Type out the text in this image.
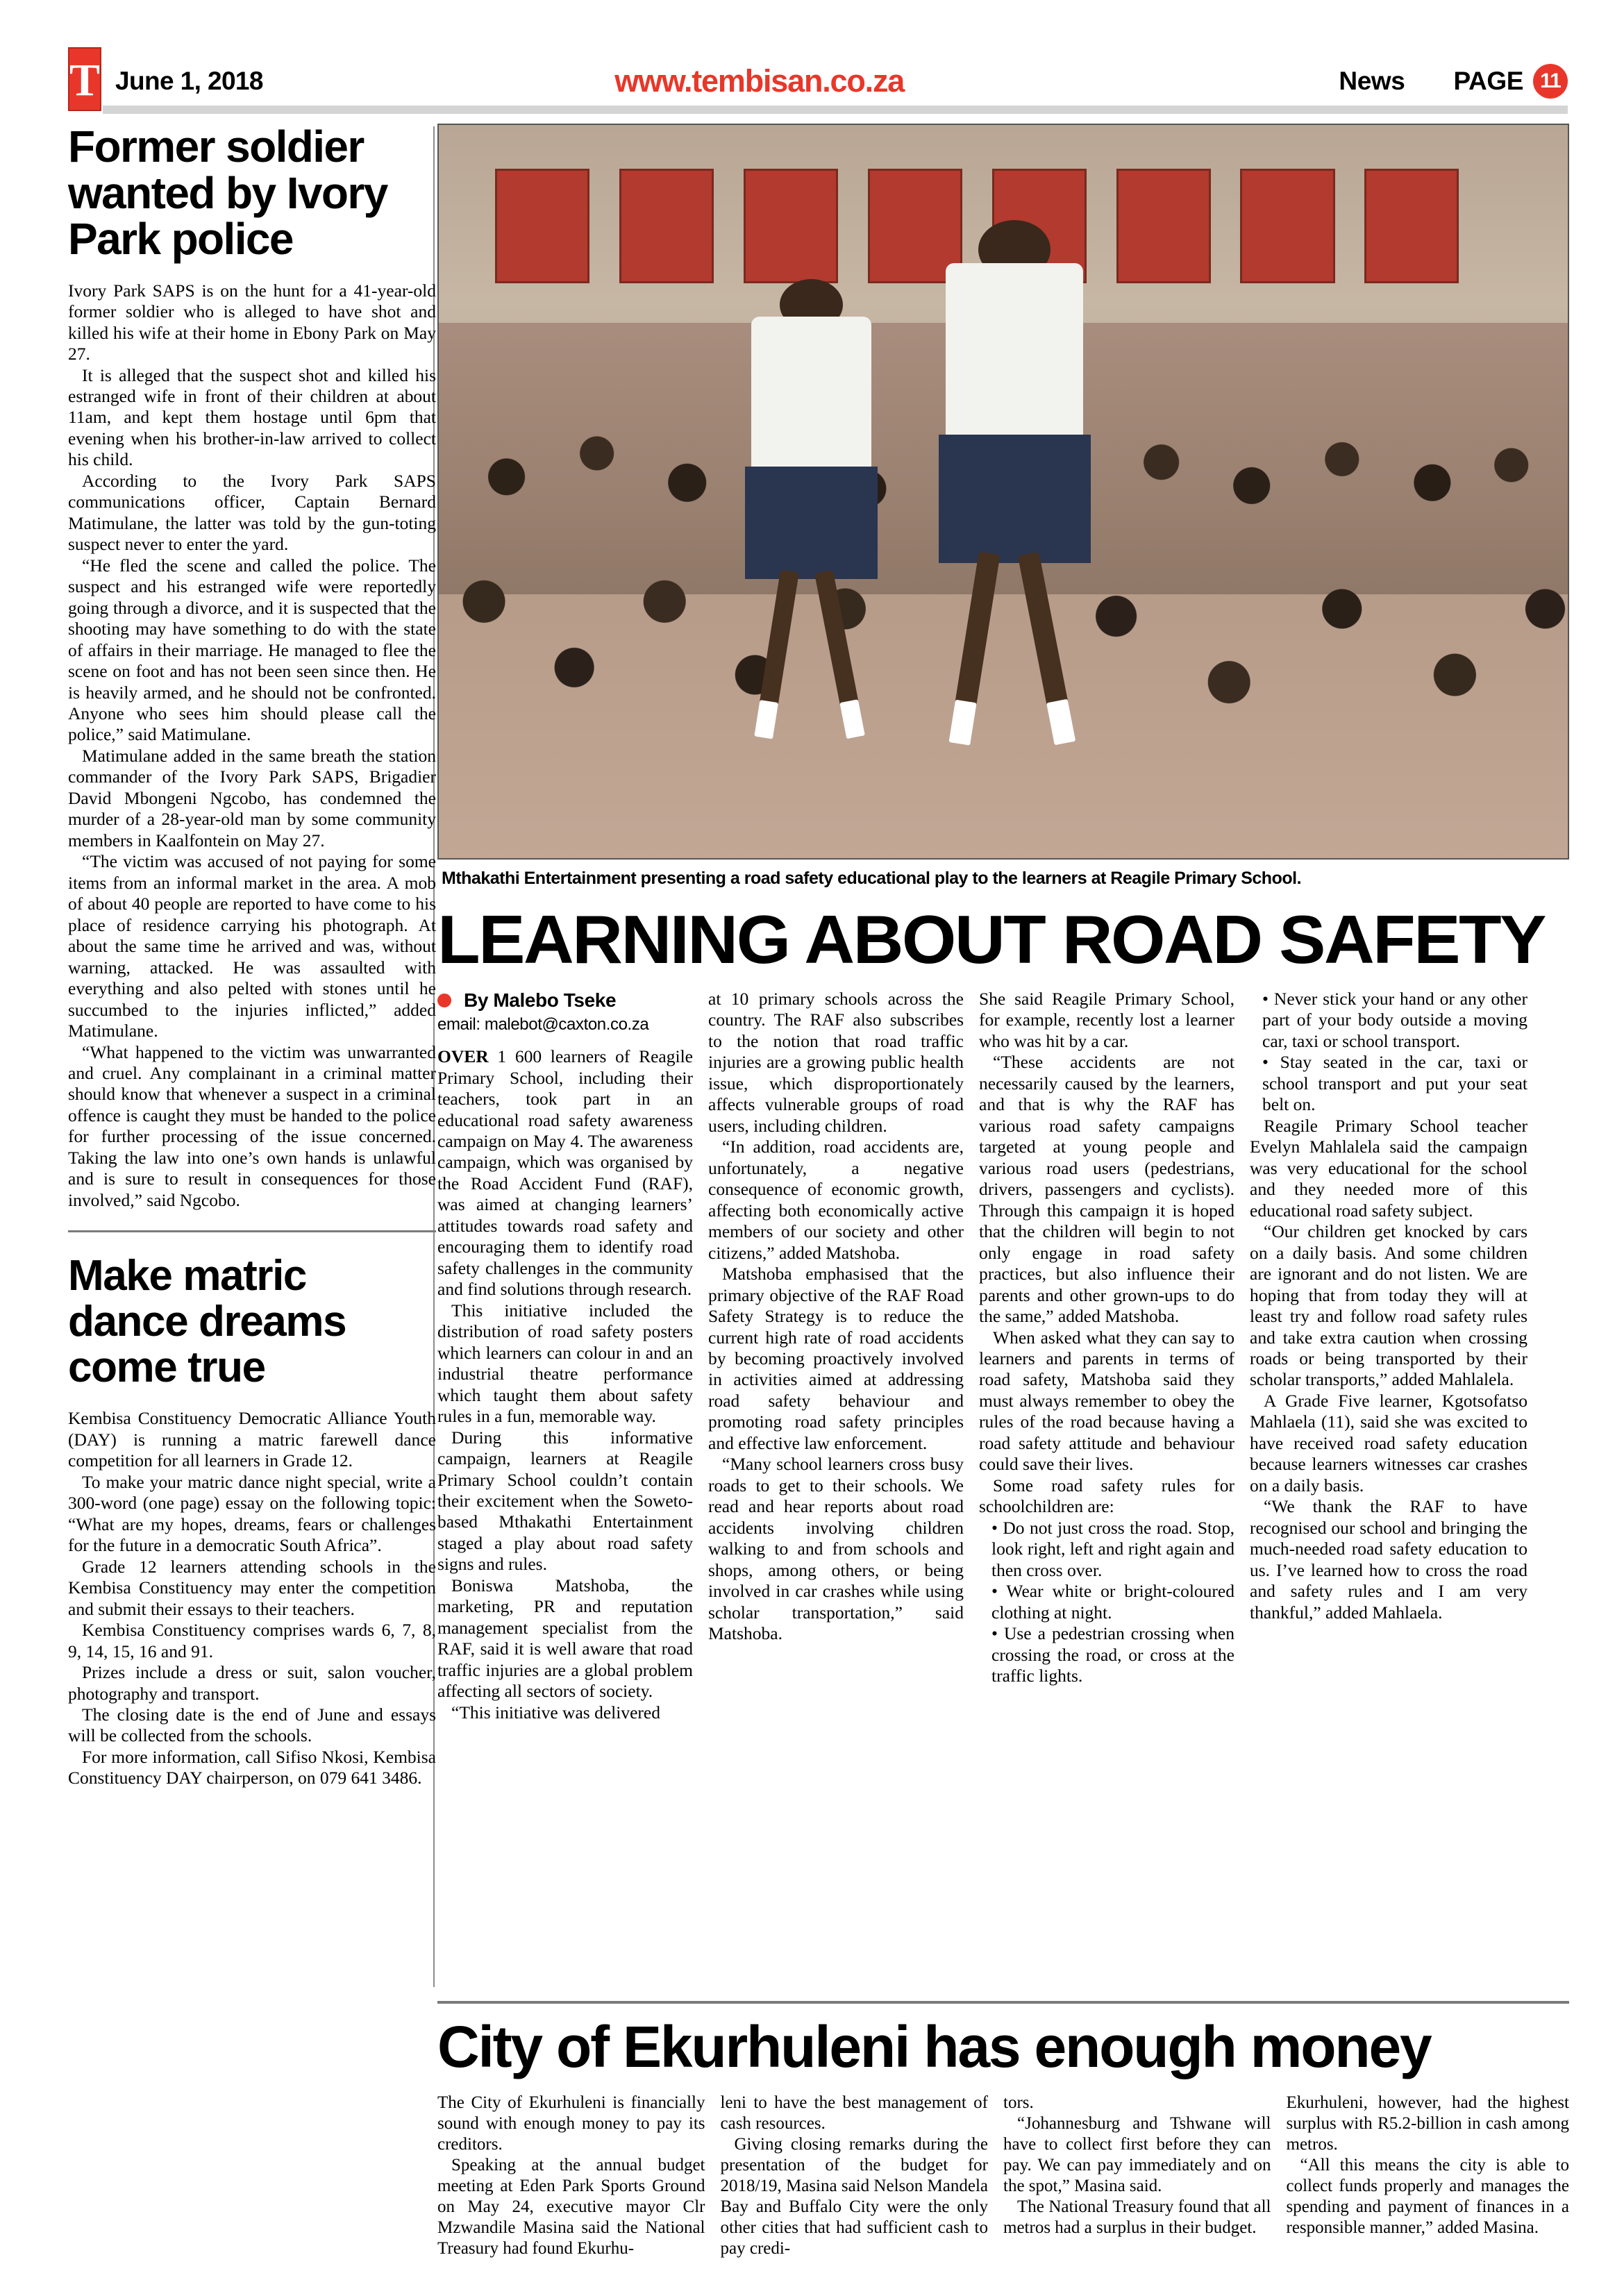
T June 1, 2018	www.tembisan.co.za	News PAGE 11
Former soldier wanted by Ivory Park police

Ivory Park SAPS is on the hunt for a 41-year-old former soldier who is alleged to have shot and killed his wife at their home in Ebony Park on May 27.

It is alleged that the suspect shot and killed his estranged wife in front of their children at about 11am, and kept them hostage until 6pm that evening when his brother-in-law arrived to collect his child.

According to the Ivory Park SAPS communications officer, Captain Bernard Matimulane, the latter was told by the gun-toting suspect never to enter the yard.

“He fled the scene and called the police. The suspect and his estranged wife were reportedly going through a divorce, and it is suspected that the shooting may have something to do with the state of affairs in their marriage. He managed to flee the scene on foot and has not been seen since then. He is heavily armed, and he should not be confronted. Anyone who sees him should please call the police,” said Matimulane.

Matimulane added in the same breath the station commander of the Ivory Park SAPS, Brigadier David Mbongeni Ngcobo, has condemned the murder of a 28-year-old man by some community members in Kaalfontein on May 27.

“The victim was accused of not paying for some items from an informal market in the area. A mob of about 40 people are reported to have come to his place of residence carrying his photograph. At about the same time he arrived and was, without warning, attacked. He was assaulted with everything and also pelted with stones until he succumbed to the injuries inflicted,” added Matimulane.

“What happened to the victim was unwarranted and cruel. Any complainant in a criminal matter should know that whenever a suspect in a criminal offence is caught they must be handed to the police for further processing of the issue concerned. Taking the law into one’s own hands is unlawful and is sure to result in consequences for those involved,” said Ngcobo.

Make matric dance dreams come true

Kembisa Constituency Democratic Alliance Youth (DAY) is running a matric farewell dance competition for all learners in Grade 12.

To make your matric dance night special, write a 300-word (one page) essay on the following topic: “What are my hopes, dreams, fears or challenges for the future in a democratic South Africa”.

Grade 12 learners attending schools in the Kembisa Constituency may enter the competition and submit their essays to their teachers.

Kembisa Constituency comprises wards 6, 7, 8, 9, 14, 15, 16 and 91.

Prizes include a dress or suit, salon voucher, photography and transport.

The closing date is the end of June and essays will be collected from the schools.

For more information, call Sifiso Nkosi, Kembisa Constituency DAY chairperson, on 079 641 3486.

Mthakathi Entertainment presenting a road safety educational play to the learners at Reagile Primary School.
LEARNING ABOUT ROAD SAFETY
By Malebo Tseke
email: malebot@caxton.co.za

OVER 1 600 learners of Reagile Primary School, including their teachers, took part in an educational road safety awareness campaign on May 4. The awareness campaign, which was organised by the Road Accident Fund (RAF), was aimed at changing learners’ attitudes towards road safety and encouraging them to identify road safety challenges in the community and find solutions through research.

This initiative included the distribution of road safety posters which learners can colour in and an industrial theatre performance which taught them about safety rules in a fun, memorable way.

During this informative campaign, learners at Reagile Primary School couldn’t contain their excitement when the Soweto-based Mthakathi Entertainment staged a play about road safety signs and rules.

Boniswa Matshoba, the marketing, PR and reputation management specialist from the RAF, said it is well aware that road traffic injuries are a global problem affecting all sectors of society.

“This initiative was delivered

at 10 primary schools across the country. The RAF also subscribes to the notion that road traffic injuries are a growing public health issue, which disproportionately affects vulnerable groups of road users, including children.

“In addition, road accidents are, unfortunately, a negative consequence of economic growth, affecting both economically active members of our society and other citizens,” added Matshoba.

Matshoba emphasised that the primary objective of the RAF Road Safety Strategy is to reduce the current high rate of road accidents by becoming proactively involved in activities aimed at addressing road safety behaviour and promoting road safety principles and effective law enforcement.

“Many school learners cross busy roads to get to their schools. We read and hear reports about road accidents involving children walking to and from schools and shops, among others, or being involved in car crashes while using scholar transportation,” said Matshoba.

She said Reagile Primary School, for example, recently lost a learner who was hit by a car.

“These accidents are not necessarily caused by the learners, and that is why the RAF has various road safety campaigns targeted at young people and various road users (pedestrians, drivers, passengers and cyclists). Through this campaign it is hoped that the children will begin to not only engage in road safety practices, but also influence their parents and other grown-ups to do the same,” added Matshoba.

When asked what they can say to learners and parents in terms of road safety, Matshoba said they must always remember to obey the rules of the road because having a road safety attitude and behaviour could save their lives.

Some road safety rules for schoolchildren are:

• Do not just cross the road. Stop, look right, left and right again and then cross over.

• Wear white or bright-coloured clothing at night.

• Use a pedestrian crossing when crossing the road, or cross at the traffic lights.

• Never stick your hand or any other part of your body outside a moving car, taxi or school transport.

• Stay seated in the car, taxi or school transport and put your seat belt on.

Reagile Primary School teacher Evelyn Mahlalela said the campaign was very educational for the school and they needed more of this educational road safety subject.

“Our children get knocked by cars on a daily basis. And some children are ignorant and do not listen. We are hoping that from today they will at least try and follow road safety rules and take extra caution when crossing roads or being transported by their scholar transports,” added Mahlalela.

A Grade Five learner, Kgotsofatso Mahlaela (11), said she was excited to have received road safety education because learners witnesses car crashes on a daily basis.

“We thank the RAF to have recognised our school and bringing the much-needed road safety education to us. I’ve learned how to cross the road and safety rules and I am very thankful,” added Mahlaela.

City of Ekurhuleni has enough money

The City of Ekurhuleni is financially sound with enough money to pay its creditors.

Speaking at the annual budget meeting at Eden Park Sports Ground on May 24, executive mayor Clr Mzwandile Masina said the National Treasury had found Ekurhu-

leni to have the best management of cash resources.

Giving closing remarks during the presentation of the budget for 2018/19, Masina said Nelson Mandela Bay and Buffalo City were the only other cities that had sufficient cash to pay credi-

tors.

“Johannesburg and Tshwane will have to collect first before they can pay. We can pay immediately and on the spot,” Masina said.

The National Treasury found that all metros had a surplus in their budget.

Ekurhuleni, however, had the highest surplus with R5.2-billion in cash among metros.

“All this means the city is able to collect funds properly and manages the spending and payment of finances in a responsible manner,” added Masina.
